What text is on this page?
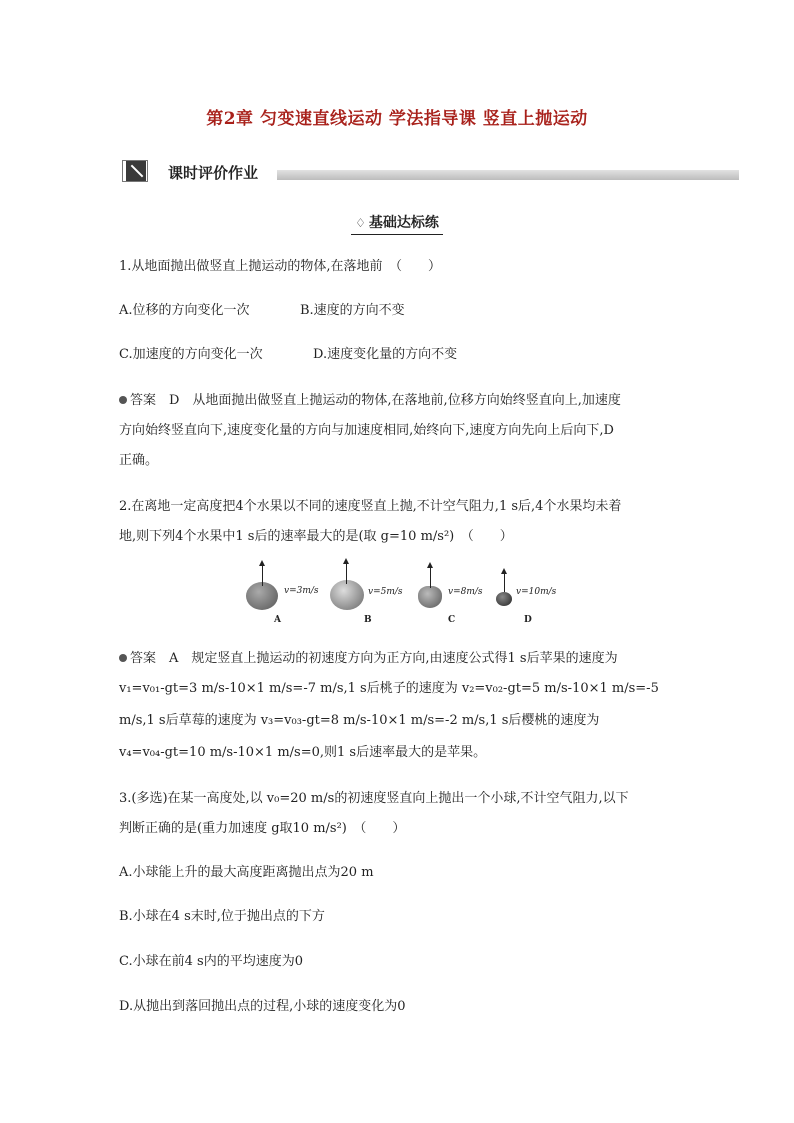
第2章 匀变速直线运动 学法指导课 竖直上抛运动
课时评价作业
♢ 基础达标练
1.从地面抛出做竖直上抛运动的物体,在落地前　（　　）
A.位移的方向变化一次	B.速度的方向不变
C.加速度的方向变化一次	D.速度变化量的方向不变
答案　D　从地面抛出做竖直上抛运动的物体,在落地前,位移方向始终竖直向上,加速度
方向始终竖直向下,速度变化量的方向与加速度相同,始终向下,速度方向先向上后向下,D
正确。
2.在离地一定高度把4个水果以不同的速度竖直上抛,不计空气阻力,1 s后,4个水果均未着
地,则下列4个水果中1 s后的速率最大的是(取 g=10 m/s²)　（　　）
v=3m/s
A
v=5m/s
B
v=8m/s
C
v=10m/s
D
答案　A　规定竖直上抛运动的初速度方向为正方向,由速度公式得1 s后苹果的速度为
v₁=v₀₁-gt=3 m/s-10×1 m/s=-7 m/s,1 s后桃子的速度为 v₂=v₀₂-gt=5 m/s-10×1 m/s=-5
m/s,1 s后草莓的速度为 v₃=v₀₃-gt=8 m/s-10×1 m/s=-2 m/s,1 s后樱桃的速度为
v₄=v₀₄-gt=10 m/s-10×1 m/s=0,则1 s后速率最大的是苹果。
3.(多选)在某一高度处,以 v₀=20 m/s的初速度竖直向上抛出一个小球,不计空气阻力,以下
判断正确的是(重力加速度 g取10 m/s²)　（　　）
A.小球能上升的最大高度距离抛出点为20 m
B.小球在4 s末时,位于抛出点的下方
C.小球在前4 s内的平均速度为0
D.从抛出到落回抛出点的过程,小球的速度变化为0
